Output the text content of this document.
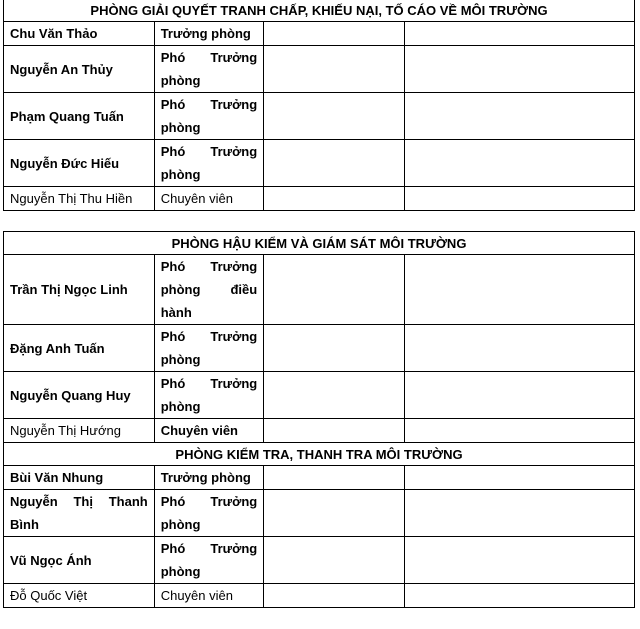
PHÒNG GIẢI QUYẾT TRANH CHẤP, KHIẾU NẠI, TỐ CÁO VỀ MÔI TRƯỜNG			
Chu Văn Thảo	Trưởng phòng		
Nguyễn An Thủy	Phó Trưởng
phòng		

Phạm Quang Tuấn	Phó Trưởng
phòng		

Nguyễn Đức Hiếu	Phó Trưởng
phòng		

Nguyễn Thị Thu Hiền	Chuyên viên		
PHÒNG HẬU KIỂM VÀ GIÁM SÁT MÔI TRƯỜNG			
Trần Thị Ngọc Linh	Phó Trưởng phòng điều
hành		

Đặng Anh Tuấn	Phó Trưởng
phòng		

Nguyễn Quang Huy	Phó Trưởng
phòng		

Nguyễn Thị Hướng	Chuyên viên		
PHÒNG KIỂM TRA, THANH TRA MÔI TRƯỜNG			
Bùi Văn Nhung	Trưởng phòng		
Nguyễn Thị Thanh
Bình	Phó Trưởng
phòng		

Vũ Ngọc Ánh	Phó Trưởng
phòng		

Đỗ Quốc Việt	Chuyên viên		
